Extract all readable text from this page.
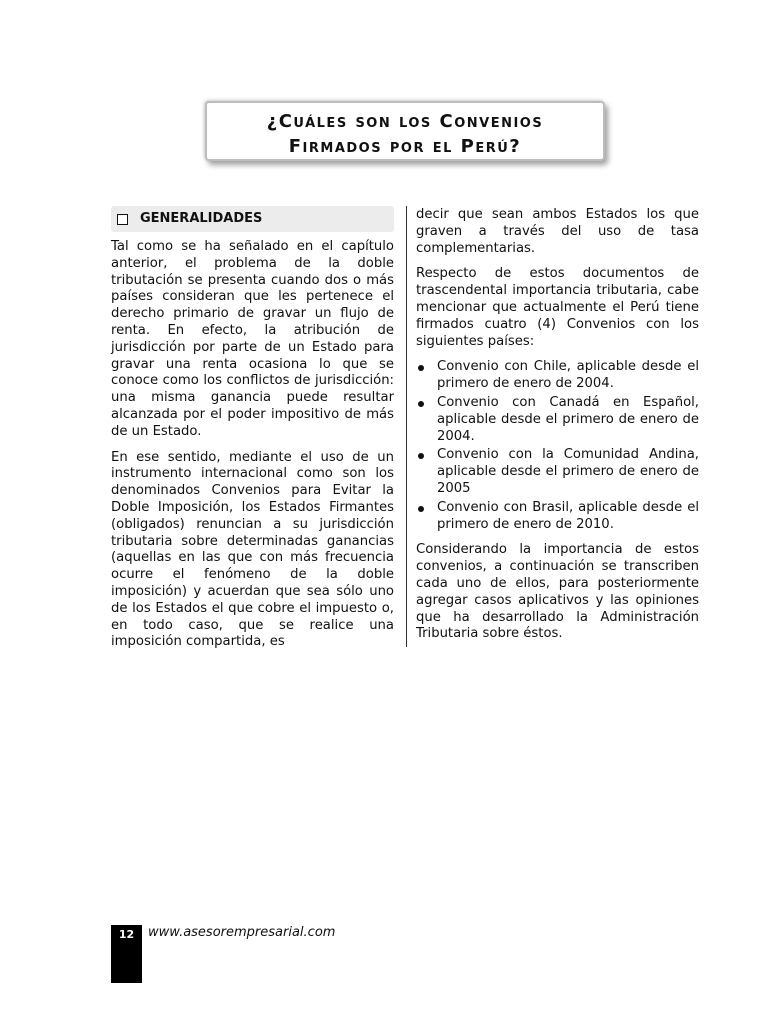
¿Cuáles son los Convenios
Firmados por el Perú?
GENERALIDADES

Tal como se ha señalado en el capítulo anterior, el problema de la doble tributación se presenta cuando dos o más países consideran que les pertenece el derecho primario de gravar un flujo de renta. En efecto, la atribución de jurisdicción por parte de un Estado para gravar una renta ocasiona lo que se conoce como los conflictos de jurisdicción: una misma ganancia puede resultar alcanzada por el poder impositivo de más de un Estado.

En ese sentido, mediante el uso de un instrumento internacional como son los denominados Convenios para Evitar la Doble Imposición, los Estados Firmantes (obligados) renuncian a su jurisdicción tributaria sobre determinadas ganancias (aquellas en las que con más frecuencia ocurre el fenómeno de la doble imposición) y acuerdan que sea sólo uno de los Estados el que cobre el impuesto o, en todo caso, que se realice una imposición compartida, es

decir que sean ambos Estados los que graven a través del uso de tasa complementarias.

Respecto de estos documentos de trascendental importancia tributaria, cabe mencionar que actualmente el Perú tiene firmados cuatro (4) Convenios con los siguientes países:

Convenio con Chile, aplicable desde el primero de enero de 2004.
Convenio con Canadá en Español, aplicable desde el primero de enero de 2004.
Convenio con la Comunidad Andina, aplicable desde el primero de enero de 2005
Convenio con Brasil, aplicable desde el primero de enero de 2010.

Considerando la importancia de estos convenios, a continuación se transcriben cada uno de ellos, para posteriormente agregar casos aplicativos y las opiniones que ha desarrollado la Administración Tributaria sobre éstos.

12	www.asesorempresarial.com
